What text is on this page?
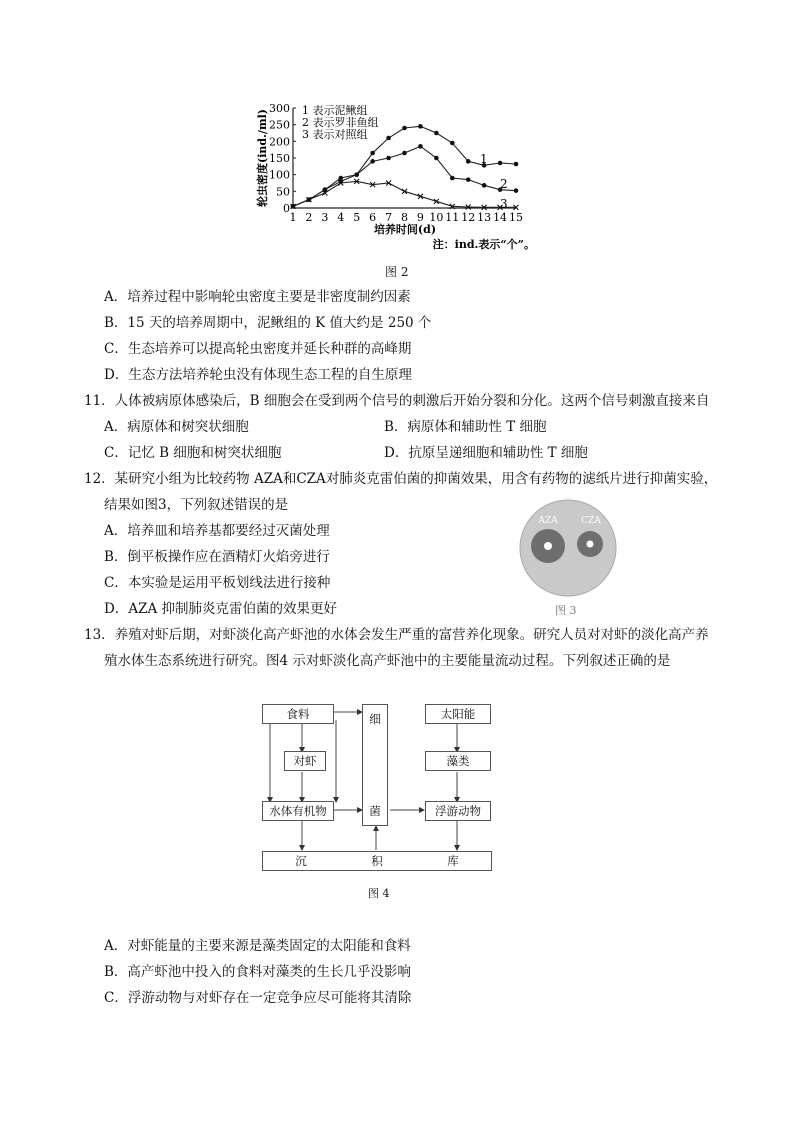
轮虫密度(ind./ml)
0
50
100
150
200
250
300
1 2 3 4 5 6 7 8 9 10 11 12 13 14 15
1 表示泥鳅组
2 表示罗非鱼组
3 表示对照组
1
2
3
培养时间(d)
注：ind.表示“个”。
图 2
A．培养过程中影响轮虫密度主要是非密度制约因素
B．15 天的培养周期中，泥鳅组的 K 值大约是 250 个
C．生态培养可以提高轮虫密度并延长种群的高峰期
D．生态方法培养轮虫没有体现生态工程的自生原理
11．人体被病原体感染后，B 细胞会在受到两个信号的刺激后开始分裂和分化。这两个信号刺激直接来自
A．病原体和树突状细胞	B．病原体和辅助性 T 细胞
C．记忆 B 细胞和树突状细胞	D．抗原呈递细胞和辅助性 T 细胞
12．某研究小组为比较药物 AZA和CZA对肺炎克雷伯菌的抑菌效果，用含有药物的滤纸片进行抑菌实验，
结果如图3，下列叙述错误的是
A．培养皿和培养基都要经过灭菌处理
B．倒平板操作应在酒精灯火焰旁进行
C．本实验是运用平板划线法进行接种
D．AZA 抑制肺炎克雷伯菌的效果更好
AZA	CZA
图 3
13．养殖对虾后期，对虾淡化高产虾池的水体会发生严重的富营养化现象。研究人员对对虾的淡化高产养
殖水体生态系统进行研究。图4 示对虾淡化高产虾池中的主要能量流动过程。下列叙述正确的是
食料
对虾
水体有机物
细
菌
太阳能
藻类
浮游动物
沉	积	库
图 4
A．对虾能量的主要来源是藻类固定的太阳能和食料
B．高产虾池中投入的食料对藻类的生长几乎没影响
C．浮游动物与对虾存在一定竞争应尽可能将其清除
